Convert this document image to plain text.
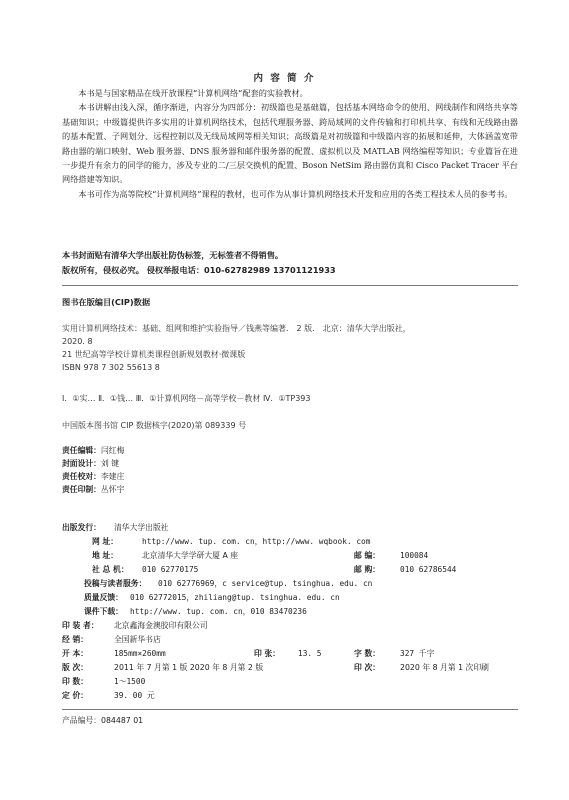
内 容 简 介

本书是与国家精品在线开放课程“计算机网络”配套的实验教材。

本书讲解由浅入深，循序渐进，内容分为四部分：初级篇也是基础篇，包括基本网络命令的使用、网线制作和网络共享等基础知识；中级篇提供许多实用的计算机网络技术，包括代理服务器、跨局域网的文件传输和打印机共享、有线和无线路由器的基本配置、子网划分、远程控制以及无线局域网等相关知识；高级篇是对初级篇和中级篇内容的拓展和延伸，大体涵盖宽带路由器的端口映射、Web 服务器、DNS 服务器和邮件服务器的配置、虚拟机以及 MATLAB 网络编程等知识；专业篇旨在进一步提升有余力的同学的能力，涉及专业的二/三层交换机的配置、Boson NetSim 路由器仿真和 Cisco Packet Tracer 平台网络搭建等知识。

本书可作为高等院校“计算机网络”课程的教材，也可作为从事计算机网络技术开发和应用的各类工程技术人员的参考书。

本书封面贴有清华大学出版社防伪标签，无标签者不得销售。
版权所有，侵权必究。 侵权举报电话：010-62782989 13701121933
图书在版编目(CIP)数据
实用计算机网络技术：基础、组网和维护实验指导／钱燕等编著． 2 版． 北京：清华大学出版社，
2020. 8
21 世纪高等学校计算机类课程创新规划教材·微课版
ISBN 978 7 302 55613 8
Ⅰ．①实… Ⅱ．①钱… Ⅲ．①计算机网络－高等学校－教材 Ⅳ．①TP393
中国版本图书馆 CIP 数据核字(2020)第 089339 号
责任编辑：闫红梅
封面设计：刘 键
责任校对：李建庄
责任印制：丛怀宇
出版发行： 清华大学出版社
网 址：	http://www. tup. com. cn，http://www. wqbook. com
地 址：	北京清华大学学研大厦 A 座	邮 编：	100084
社 总 机： 010 62770175	邮 购：	010 62786544
投稿与读者服务： 010 62776969，c service@tup. tsinghua. edu. cn
质量反馈： 010 62772015，zhiliang@tup. tsinghua. edu. cn
课件下载： http://www. tup. com. cn，010 83470236
印 装 者： 北京鑫海金澳胶印有限公司
经 销：	全国新华书店
开 本：	185mm×260mm	印 张： 13. 5	字 数：	327 千字
版 次：	2011 年 7 月第 1 版 2020 年 8 月第 2 版	印 次：	2020 年 8 月第 1 次印刷
印 数：	1～1500
定 价：	39. 00 元
产品编号：084487 01
